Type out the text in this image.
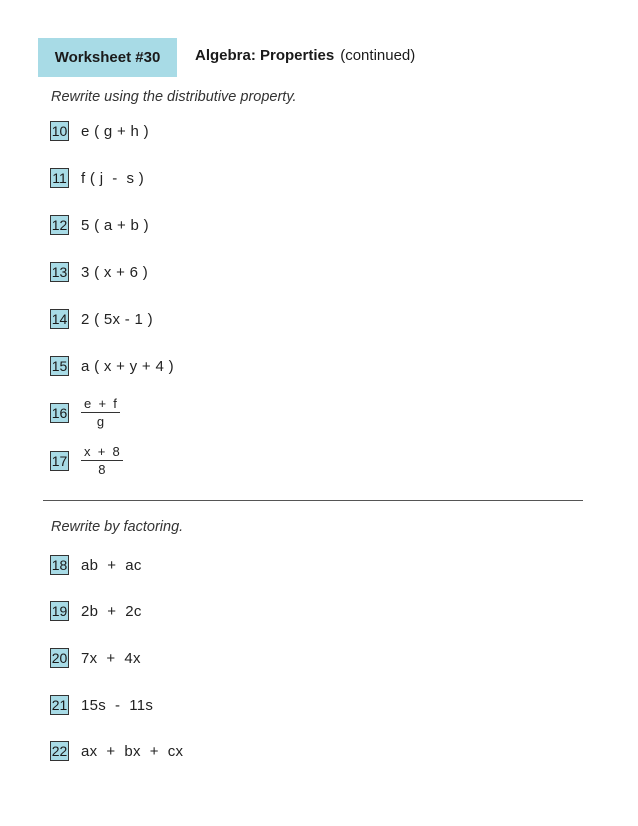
Worksheet #30 Algebra: Properties (continued)
Rewrite using the distributive property.
10 e ( g + h )
11 f ( j  -  s )
12 5 ( a + b )
13 3 ( x + 6 )
14 2 ( 5x - 1 )
15 a ( x + y + 4 )
$16 \frac{e + f}{g}$
$17 \frac{x + 8}{8}$
Rewrite by factoring.
18 ab  +  ac
19 2b  +  2c
20 7x  +  4x
21 15s  -  11s
22 ax  +  bx  +  cx
